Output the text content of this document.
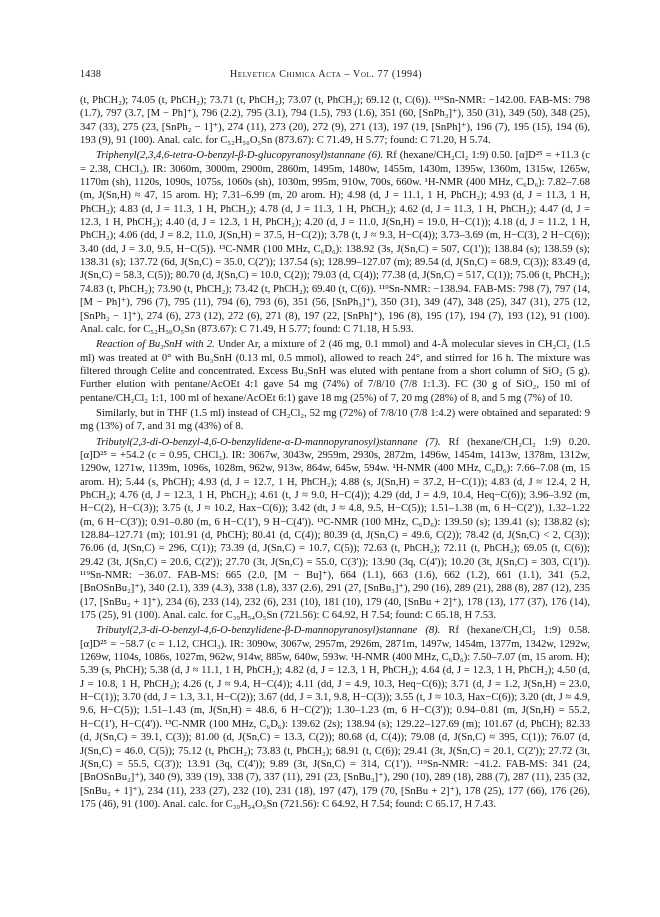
1438	Helvetica Chimica Acta – Vol. 77 (1994)

(t, PhCH₂); 74.05 (t, PhCH₂); 73.71 (t, PhCH₂); 73.07 (t, PhCH₂); 69.12 (t, C(6)). ¹¹⁹Sn-NMR: −142.00. FAB-MS: 798 (1.7), 797 (3.7, [M − Ph]⁺), 796 (2.2), 795 (3.1), 794 (1.5), 793 (1.6), 351 (60, [SnPh₃]⁺), 350 (31), 349 (50), 348 (25), 347 (33), 275 (23, [SnPh₂ − 1]⁺), 274 (11), 273 (20), 272 (9), 271 (13), 197 (19, [SnPh]⁺), 196 (7), 195 (15), 194 (6), 193 (9), 91 (100). Anal. calc. for C₅₂H₅₀O₅Sn (873.67): C 71.49, H 5.77; found: C 71.20, H 5.74.

Triphenyl(2,3,4,6-tetra-O-benzyl-β-D-glucopyranosyl)stannane (6). Rf (hexane/CH₂Cl₂ 1:9) 0.50. [α]D²⁵ = +11.3 (c = 2.38, CHCl₃). IR: 3060m, 3000m, 2900m, 2860m, 1495m, 1480w, 1455m, 1430m, 1395w, 1360m, 1315w, 1265w, 1170m (sh), 1120s, 1090s, 1075s, 1060s (sh), 1030m, 995m, 910w, 700s, 660w. ¹H-NMR (400 MHz, C₆D₆): 7.82–7.68 (m, J(Sn,H) ≈ 47, 15 arom. H); 7.31–6.99 (m, 20 arom. H); 4.98 (d, J = 11.1, 1 H, PhCH₂); 4.93 (d, J = 11.3, 1 H, PhCH₂); 4.83 (d, J = 11.3, 1 H, PhCH₂); 4.78 (d, J = 11.3, 1 H, PhCH₂); 4.62 (d, J = 11.3, 1 H, PhCH₂); 4.47 (d, J = 12.3, 1 H, PhCH₂); 4.40 (d, J = 12.3, 1 H, PhCH₂); 4.20 (d, J = 11.0, J(Sn,H) = 19.0, H−C(1)); 4.18 (d, J = 11.2, 1 H, PhCH₂); 4.06 (dd, J = 8.2, 11.0, J(Sn,H) = 37.5, H−C(2)); 3.78 (t, J ≈ 9.3, H−C(4)); 3.73–3.69 (m, H−C(3), 2 H−C(6)); 3.40 (dd, J = 3.0, 9.5, H−C(5)). ¹³C-NMR (100 MHz, C₆D₆): 138.92 (3s, J(Sn,C) = 507, C(1')); 138.84 (s); 138.59 (s); 138.31 (s); 137.72 (6d, J(Sn,C) = 35.0, C(2')); 137.54 (s); 128.99–127.07 (m); 89.54 (d, J(Sn,C) = 68.9, C(3)); 83.49 (d, J(Sn,C) = 58.3, C(5)); 80.70 (d, J(Sn,C) = 10.0, C(2)); 79.03 (d, C(4)); 77.38 (d, J(Sn,C) = 517, C(1)); 75.06 (t, PhCH₂); 74.83 (t, PhCH₂); 73.90 (t, PhCH₂); 73.42 (t, PhCH₂); 69.40 (t, C(6)). ¹¹⁹Sn-NMR: −138.94. FAB-MS: 798 (7), 797 (14, [M − Ph]⁺), 796 (7), 795 (11), 794 (6), 793 (6), 351 (56, [SnPh₃]⁺), 350 (31), 349 (47), 348 (25), 347 (31), 275 (12, [SnPh₂ − 1]⁺), 274 (6), 273 (12), 272 (6), 271 (8), 197 (22, [SnPh]⁺), 196 (8), 195 (17), 194 (7), 193 (12), 91 (100). Anal. calc. for C₅₂H₅₀O₅Sn (873.67): C 71.49, H 5.77; found: C 71.18, H 5.93.

Reaction of Bu₃SnH with 2. Under Ar, a mixture of 2 (46 mg, 0.1 mmol) and 4-Å molecular sieves in CH₂Cl₂ (1.5 ml) was treated at 0° with Bu₃SnH (0.13 ml, 0.5 mmol), allowed to reach 24°, and stirred for 16 h. The mixture was filtered through Celite and concentrated. Excess Bu₃SnH was eluted with pentane from a short column of SiO₂ (5 g). Further elution with pentane/AcOEt 4:1 gave 54 mg (74%) of 7/8/10 (7/8 1:1.3). FC (30 g of SiO₂, 150 ml of pentane/CH₂Cl₂ 1:1, 100 ml of hexane/AcOEt 6:1) gave 18 mg (25%) of 7, 20 mg (28%) of 8, and 5 mg (7%) of 10.

Similarly, but in THF (1.5 ml) instead of CH₂Cl₂, 52 mg (72%) of 7/8/10 (7/8 1:4.2) were obtained and separated: 9 mg (13%) of 7, and 31 mg (43%) of 8.

Tributyl(2,3-di-O-benzyl-4,6-O-benzylidene-α-D-mannopyranosyl)stannane (7). Rf (hexane/CH₂Cl₂ 1:9) 0.20. [α]D²⁵ = +54.2 (c = 0.95, CHCl₃). IR: 3067w, 3043w, 2959m, 2930s, 2872m, 1496w, 1454m, 1413w, 1378m, 1312w, 1290w, 1271w, 1139m, 1096s, 1028m, 962w, 913w, 864w, 645w, 594w. ¹H-NMR (400 MHz, C₆D₆): 7.66–7.08 (m, 15 arom. H); 5.44 (s, PhCH); 4.93 (d, J = 12.7, 1 H, PhCH₂); 4.88 (s, J(Sn,H) = 37.2, H−C(1)); 4.83 (d, J ≈ 12.4, 2 H, PhCH₂); 4.76 (d, J = 12.3, 1 H, PhCH₂); 4.61 (t, J ≈ 9.0, H−C(4)); 4.29 (dd, J = 4.9, 10.4, Heq−C(6)); 3.96–3.92 (m, H−C(2), H−C(3)); 3.75 (t, J ≈ 10.2, Hax−C(6)); 3.42 (dt, J ≈ 4.8, 9.5, H−C(5)); 1.51–1.38 (m, 6 H−C(2')), 1.32–1.22 (m, 6 H−C(3')); 0.91–0.80 (m, 6 H−C(1'), 9 H−C(4')). ¹³C-NMR (100 MHz, C₆D₆): 139.50 (s); 139.41 (s); 138.82 (s); 128.84–127.71 (m); 101.91 (d, PhCH); 80.41 (d, C(4)); 80.39 (d, J(Sn,C) = 49.6, C(2)); 78.42 (d, J(Sn,C) < 2, C(3)); 76.06 (d, J(Sn,C) = 296, C(1)); 73.39 (d, J(Sn,C) = 10.7, C(5)); 72.63 (t, PhCH₂); 72.11 (t, PhCH₂); 69.05 (t, C(6)); 29.42 (3t, J(Sn,C) = 20.6, C(2')); 27.70 (3t, J(Sn,C) = 55.0, C(3')); 13.90 (3q, C(4')); 10.20 (3t, J(Sn,C) = 303, C(1')). ¹¹⁹Sn-NMR: −36.07. FAB-MS: 665 (2.0, [M − Bu]⁺), 664 (1.1), 663 (1.6), 662 (1.2), 661 (1.1), 341 (5.2, [BnOSnBu₂]⁺), 340 (2.1), 339 (4.3), 338 (1.8), 337 (2.6), 291 (27, [SnBu₃]⁺), 290 (16), 289 (21), 288 (8), 287 (12), 235 (17, [SnBu₂ + 1]⁺), 234 (6), 233 (14), 232 (6), 231 (10), 181 (10), 179 (40, [SnBu + 2]⁺), 178 (13), 177 (37), 176 (14), 175 (25), 91 (100). Anal. calc. for C₃₉H₅₄O₅Sn (721.56): C 64.92, H 7.54; found: C 65.18, H 7.53.

Tributyl(2,3-di-O-benzyl-4,6-O-benzylidene-β-D-mannopyranosyl)stannane (8). Rf (hexane/CH₂Cl₂ 1:9) 0.58. [α]D²⁵ = −58.7 (c = 1.12, CHCl₃). IR: 3090w, 3067w, 2957m, 2926m, 2871m, 1497w, 1454m, 1377m, 1342w, 1292w, 1269w, 1104s, 1086s, 1027m, 962w, 914w, 885w, 640w, 593w. ¹H-NMR (400 MHz, C₆D₆): 7.50–7.07 (m, 15 arom. H); 5.39 (s, PhCH); 5.38 (d, J ≈ 11.1, 1 H, PhCH₂); 4.82 (d, J = 12.3, 1 H, PhCH₂); 4.64 (d, J = 12.3, 1 H, PhCH₂); 4.50 (d, J = 10.8, 1 H, PhCH₂); 4.26 (t, J ≈ 9.4, H−C(4)); 4.11 (dd, J = 4.9, 10.3, Heq−C(6)); 3.71 (d, J = 1.2, J(Sn,H) = 23.0, H−C(1)); 3.70 (dd, J = 1.3, 3.1, H−C(2)); 3.67 (dd, J = 3.1, 9.8, H−C(3)); 3.55 (t, J ≈ 10.3, Hax−C(6)); 3.20 (dt, J ≈ 4.9, 9.6, H−C(5)); 1.51–1.43 (m, J(Sn,H) = 48.6, 6 H−C(2')); 1.30–1.23 (m, 6 H−C(3')); 0.94–0.81 (m, J(Sn,H) = 55.2, H−C(1'), H−C(4')). ¹³C-NMR (100 MHz, C₆D₆): 139.62 (2s); 138.94 (s); 129.22–127.69 (m); 101.67 (d, PhCH); 82.33 (d, J(Sn,C) = 39.1, C(3)); 81.00 (d, J(Sn,C) = 13.3, C(2)); 80.68 (d, C(4)); 79.08 (d, J(Sn,C) ≈ 395, C(1)); 76.07 (d, J(Sn,C) = 46.0, C(5)); 75.12 (t, PhCH₂); 73.83 (t, PhCH₂); 68.91 (t, C(6)); 29.41 (3t, J(Sn,C) = 20.1, C(2')); 27.72 (3t, J(Sn,C) = 55.5, C(3')); 13.91 (3q, C(4')); 9.89 (3t, J(Sn,C) = 314, C(1')). ¹¹⁹Sn-NMR: −41.2. FAB-MS: 341 (24, [BnOSnBu₂]⁺), 340 (9), 339 (19), 338 (7), 337 (11), 291 (23, [SnBu₃]⁺), 290 (10), 289 (18), 288 (7), 287 (11), 235 (32, [SnBu₂ + 1]⁺), 234 (11), 233 (27), 232 (10), 231 (18), 197 (47), 179 (70, [SnBu + 2]⁺), 178 (25), 177 (66), 176 (26), 175 (46), 91 (100). Anal. calc. for C₃₉H₅₄O₅Sn (721.56): C 64.92, H 7.54; found: C 65.17, H 7.43.
